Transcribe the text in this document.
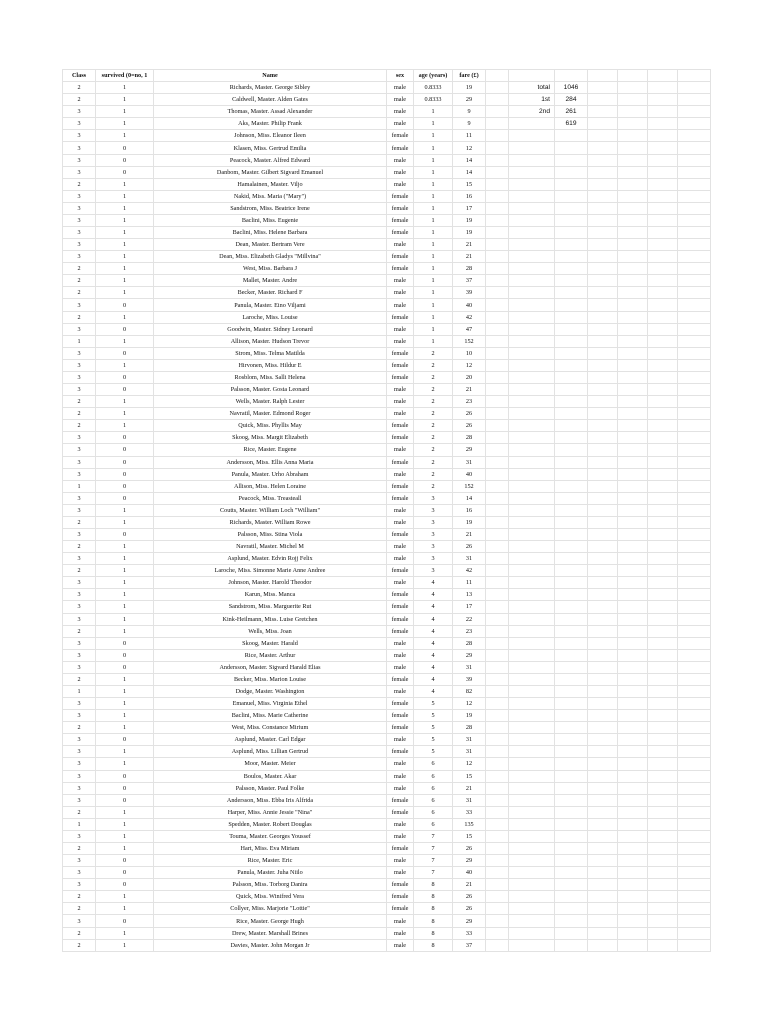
Class	survived (0=no, 1	Name	sex	age (years)	fare (£)							
2	1	Richards, Master. George Sibley	male	0.8333	19		total	1046				
2	1	Caldwell, Master. Alden Gates	male	0.8333	29		1st	284				
3	1	Thomas, Master. Assad Alexander	male	1	9		2nd	261				
3	1	Aks, Master. Philip Frank	male	1	9			619				
3	1	Johnson, Miss. Eleanor Ileen	female	1	11							
3	0	Klasen, Miss. Gertrud Emilia	female	1	12							
3	0	Peacock, Master. Alfred Edward	male	1	14							
3	0	Danbom, Master. Gilbert Sigvard Emanuel	male	1	14							
2	1	Hamalainen, Master. Viljo	male	1	15							
3	1	Nakid, Miss. Maria ("Mary")	female	1	16							
3	1	Sandstrom, Miss. Beatrice Irene	female	1	17							
3	1	Baclini, Miss. Eugenie	female	1	19							
3	1	Baclini, Miss. Helene Barbara	female	1	19							
3	1	Dean, Master. Bertram Vere	male	1	21							
3	1	Dean, Miss. Elizabeth Gladys "Millvina"	female	1	21							
2	1	West, Miss. Barbara J	female	1	28							
2	1	Mallet, Master. Andre	male	1	37							
2	1	Becker, Master. Richard F	male	1	39							
3	0	Panula, Master. Eino Viljami	male	1	40							
2	1	Laroche, Miss. Louise	female	1	42							
3	0	Goodwin, Master. Sidney Leonard	male	1	47							
1	1	Allison, Master. Hudson Trevor	male	1	152							
3	0	Strom, Miss. Telma Matilda	female	2	10							
3	1	Hirvonen, Miss. Hildur E	female	2	12							
3	0	Rosblom, Miss. Salli Helena	female	2	20							
3	0	Palsson, Master. Gosta Leonard	male	2	21							
2	1	Wells, Master. Ralph Lester	male	2	23							
2	1	Navratil, Master. Edmond Roger	male	2	26							
2	1	Quick, Miss. Phyllis May	female	2	26							
3	0	Skoog, Miss. Margit Elizabeth	female	2	28							
3	0	Rice, Master. Eugene	male	2	29							
3	0	Andersson, Miss. Ellis Anna Maria	female	2	31							
3	0	Panula, Master. Urho Abraham	male	2	40							
1	0	Allison, Miss. Helen Loraine	female	2	152							
3	0	Peacock, Miss. Treasteall	female	3	14							
3	1	Coutts, Master. William Loch "William"	male	3	16							
2	1	Richards, Master. William Rowe	male	3	19							
3	0	Palsson, Miss. Stina Viola	female	3	21							
2	1	Navratil, Master. Michel M	male	3	26							
3	1	Asplund, Master. Edvin Rojj Felix	male	3	31							
2	1	Laroche, Miss. Simonne Marie Anne Andree	female	3	42							
3	1	Johnson, Master. Harold Theodor	male	4	11							
3	1	Karun, Miss. Manca	female	4	13							
3	1	Sandstrom, Miss. Marguerite Rut	female	4	17							
3	1	Kink-Heilmann, Miss. Luise Gretchen	female	4	22							
2	1	Wells, Miss. Joan	female	4	23							
3	0	Skoog, Master. Harald	male	4	28							
3	0	Rice, Master. Arthur	male	4	29							
3	0	Andersson, Master. Sigvard Harald Elias	male	4	31							
2	1	Becker, Miss. Marion Louise	female	4	39							
1	1	Dodge, Master. Washington	male	4	82							
3	1	Emanuel, Miss. Virginia Ethel	female	5	12							
3	1	Baclini, Miss. Marie Catherine	female	5	19							
2	1	West, Miss. Constance Mirium	female	5	28							
3	0	Asplund, Master. Carl Edgar	male	5	31							
3	1	Asplund, Miss. Lillian Gertrud	female	5	31							
3	1	Moor, Master. Meier	male	6	12							
3	0	Boulos, Master. Akar	male	6	15							
3	0	Palsson, Master. Paul Folke	male	6	21							
3	0	Andersson, Miss. Ebba Iris Alfrida	female	6	31							
2	1	Harper, Miss. Annie Jessie "Nina"	female	6	33							
1	1	Spedden, Master. Robert Douglas	male	6	135							
3	1	Touma, Master. Georges Youssef	male	7	15							
2	1	Hart, Miss. Eva Miriam	female	7	26							
3	0	Rice, Master. Eric	male	7	29							
3	0	Panula, Master. Juha Niilo	male	7	40							
3	0	Palsson, Miss. Torborg Danira	female	8	21							
2	1	Quick, Miss. Winifred Vera	female	8	26							
2	1	Collyer, Miss. Marjorie "Lottie"	female	8	26							
3	0	Rice, Master. George Hugh	male	8	29							
2	1	Drew, Master. Marshall Brines	male	8	33							
2	1	Davies, Master. John Morgan Jr	male	8	37							
